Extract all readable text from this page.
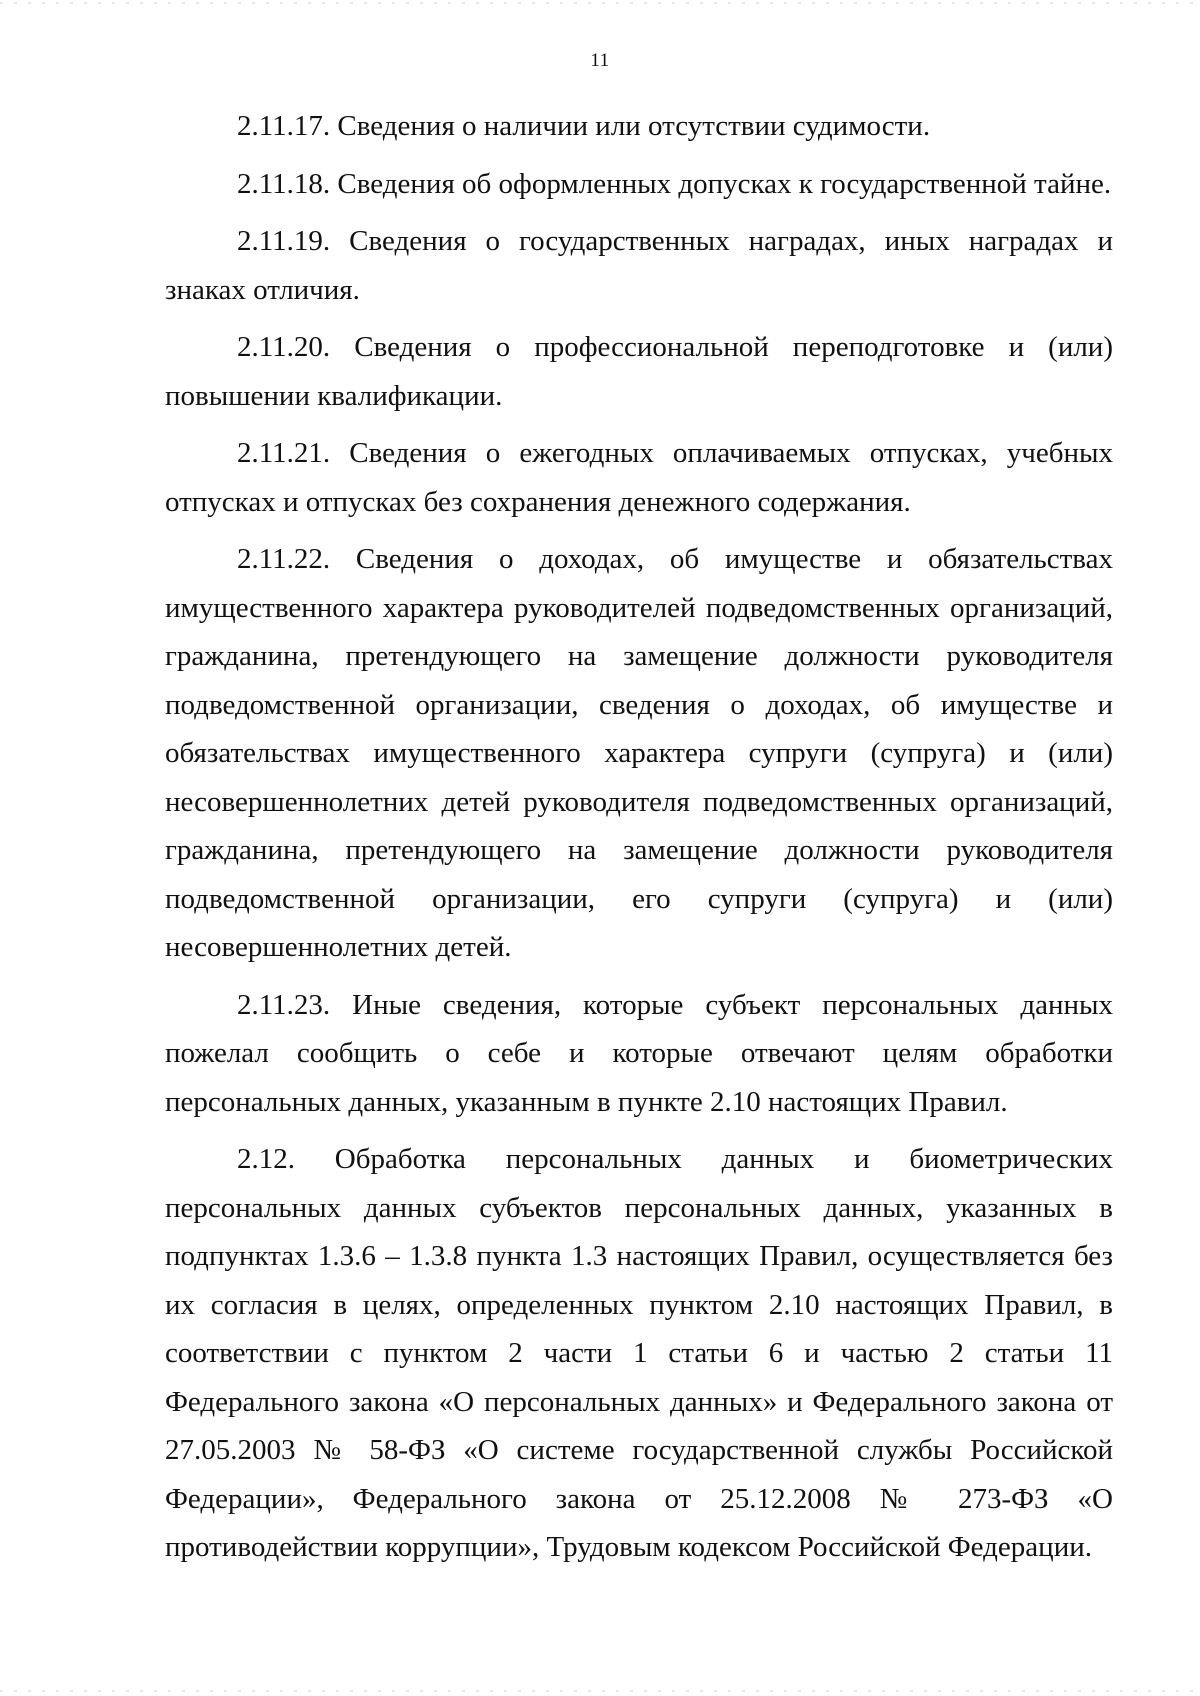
11

2.11.17. Сведения о наличии или отсутствии судимости.

2.11.18. Сведения об оформленных допусках к государственной тайне.

2.11.19. Сведения о государственных наградах, иных наградах и знаках отличия.

2.11.20. Сведения о профессиональной переподготовке и (или) повышении квалификации.

2.11.21. Сведения о ежегодных оплачиваемых отпусках, учебных отпусках и отпусках без сохранения денежного содержания.

2.11.22. Сведения о доходах, об имуществе и обязательствах имущественного характера руководителей подведомственных организаций, гражданина, претендующего на замещение должности руководителя подведомственной организации, сведения о доходах, об имуществе и обязательствах имущественного характера супруги (супруга) и (или) несовершеннолетних детей руководителя подведомственных организаций, гражданина, претендующего на замещение должности руководителя подведомственной организации, его супруги (супруга) и (или) несовершеннолетних детей.

2.11.23. Иные сведения, которые субъект персональных данных пожелал сообщить о себе и которые отвечают целям обработки персональных данных, указанным в пункте 2.10 настоящих Правил.

2.12. Обработка персональных данных и биометрических персональных данных субъектов персональных данных, указанных в подпунктах 1.3.6 – 1.3.8 пункта 1.3 настоящих Правил, осуществляется без их согласия в целях, определенных пунктом 2.10 настоящих Правил, в соответствии с пунктом 2 части 1 статьи 6 и частью 2 статьи 11 Федерального закона «О персональных данных» и Федерального закона от 27.05.2003 № 58-ФЗ «О системе государственной службы Российской Федерации», Федерального закона от 25.12.2008 № 273-ФЗ «О противодействии коррупции», Трудовым кодексом Российской Федерации.
